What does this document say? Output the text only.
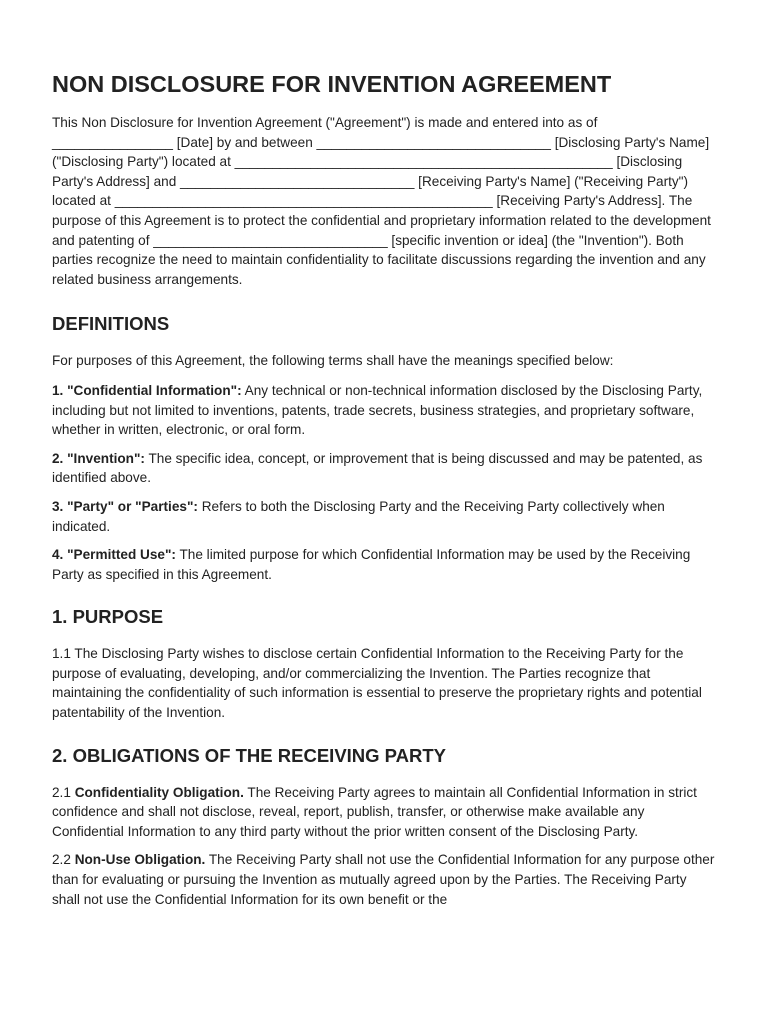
NON DISCLOSURE FOR INVENTION AGREEMENT

This Non Disclosure for Invention Agreement ("Agreement") is made and entered into as of ________________ [Date] by and between _______________________________ [Disclosing Party's Name] ("Disclosing Party") located at __________________________________________________ [Disclosing Party's Address] and _______________________________ [Receiving Party's Name] ("Receiving Party") located at __________________________________________________ [Receiving Party's Address]. The purpose of this Agreement is to protect the confidential and proprietary information related to the development and patenting of _______________________________ [specific invention or idea] (the "Invention"). Both parties recognize the need to maintain confidentiality to facilitate discussions regarding the invention and any related business arrangements.

DEFINITIONS

For purposes of this Agreement, the following terms shall have the meanings specified below:

1. "Confidential Information": Any technical or non-technical information disclosed by the Disclosing Party, including but not limited to inventions, patents, trade secrets, business strategies, and proprietary software, whether in written, electronic, or oral form.

2. "Invention": The specific idea, concept, or improvement that is being discussed and may be patented, as identified above.

3. "Party" or "Parties": Refers to both the Disclosing Party and the Receiving Party collectively when indicated.

4. "Permitted Use": The limited purpose for which Confidential Information may be used by the Receiving Party as specified in this Agreement.

1. PURPOSE

1.1 The Disclosing Party wishes to disclose certain Confidential Information to the Receiving Party for the purpose of evaluating, developing, and/or commercializing the Invention. The Parties recognize that maintaining the confidentiality of such information is essential to preserve the proprietary rights and potential patentability of the Invention.

2. OBLIGATIONS OF THE RECEIVING PARTY

2.1 Confidentiality Obligation. The Receiving Party agrees to maintain all Confidential Information in strict confidence and shall not disclose, reveal, report, publish, transfer, or otherwise make available any Confidential Information to any third party without the prior written consent of the Disclosing Party.

2.2 Non-Use Obligation. The Receiving Party shall not use the Confidential Information for any purpose other than for evaluating or pursuing the Invention as mutually agreed upon by the Parties. The Receiving Party shall not use the Confidential Information for its own benefit or the
